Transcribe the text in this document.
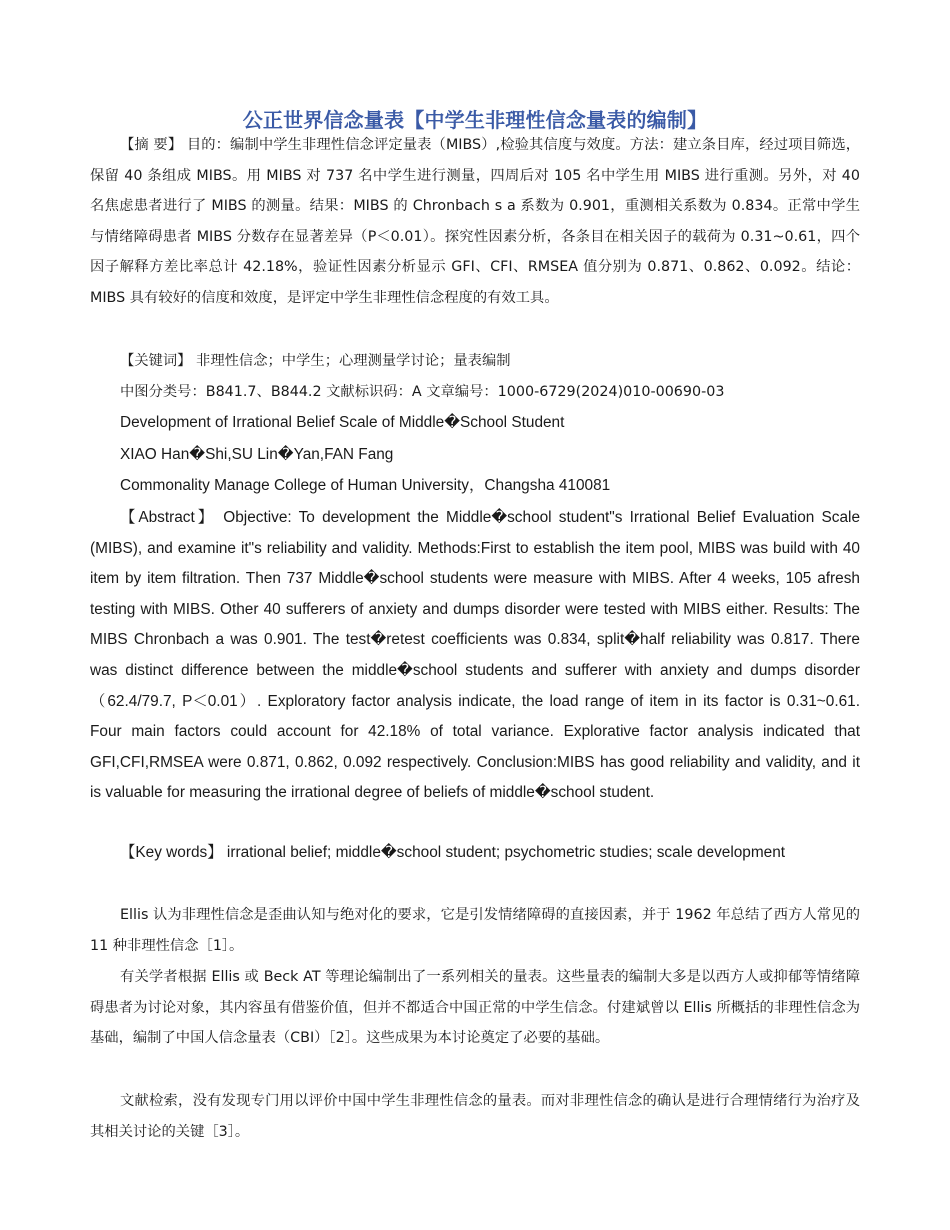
公正世界信念量表【中学生非理性信念量表的编制】

【摘 要】 目的：编制中学生非理性信念评定量表（MIBS）,检验其信度与效度。方法：建立条目库，经过项目筛选，保留 40 条组成 MIBS。用 MIBS 对 737 名中学生进行测量，四周后对 105 名中学生用 MIBS 进行重测。另外，对 40 名焦虑患者进行了 MIBS 的测量。结果：MIBS 的 Chronbach s a 系数为 0.901，重测相关系数为 0.834。正常中学生与情绪障碍患者 MIBS 分数存在显著差异（P＜0.01）。探究性因素分析，各条目在相关因子的载荷为 0.31~0.61，四个因子解释方差比率总计 42.18%，验证性因素分析显示 GFI、CFI、RMSEA 值分别为 0.871、0.862、0.092。结论：MIBS 具有较好的信度和效度，是评定中学生非理性信念程度的有效工具。

【关键词】 非理性信念；中学生；心理测量学讨论；量表编制

中图分类号：B841.7、B844.2 文献标识码：A 文章编号：1000-6729(2024)010-00690-03

Development of Irrational Belief Scale of Middle�School Student

XIAO Han�Shi,SU Lin�Yan,FAN Fang

Commonality Manage College of Human University，Changsha 410081

【Abstract】 Objective: To development the Middle�school student"s Irrational Belief Evaluation Scale (MIBS), and examine it"s reliability and validity. Methods:First to establish the item pool, MIBS was build with 40 item by item filtration. Then 737 Middle�school students were measure with MIBS. After 4 weeks, 105 afresh testing with MIBS. Other 40 sufferers of anxiety and dumps disorder were tested with MIBS either. Results: The MIBS Chronbach a was 0.901. The test�retest coefficients was 0.834, split�half reliability was 0.817. There was distinct difference between the middle�school students and sufferer with anxiety and dumps disorder（62.4/79.7, P＜0.01）. Exploratory factor analysis indicate, the load range of item in its factor is 0.31~0.61. Four main factors could account for 42.18% of total variance. Explorative factor analysis indicated that GFI,CFI,RMSEA were 0.871, 0.862, 0.092 respectively. Conclusion:MIBS has good reliability and validity, and it is valuable for measuring the irrational degree of beliefs of middle�school student.

【Key words】 irrational belief; middle�school student; psychometric studies; scale development

Ellis 认为非理性信念是歪曲认知与绝对化的要求，它是引发情绪障碍的直接因素，并于 1962 年总结了西方人常见的 11 种非理性信念［1］。

有关学者根据 Ellis 或 Beck AT 等理论编制出了一系列相关的量表。这些量表的编制大多是以西方人或抑郁等情绪障碍患者为讨论对象，其内容虽有借鉴价值，但并不都适合中国正常的中学生信念。付建斌曾以 Ellis 所概括的非理性信念为基础，编制了中国人信念量表（CBI）［2］。这些成果为本讨论奠定了必要的基础。

文献检索，没有发现专门用以评价中国中学生非理性信念的量表。而对非理性信念的确认是进行合理情绪行为治疗及其相关讨论的关键［3］。
